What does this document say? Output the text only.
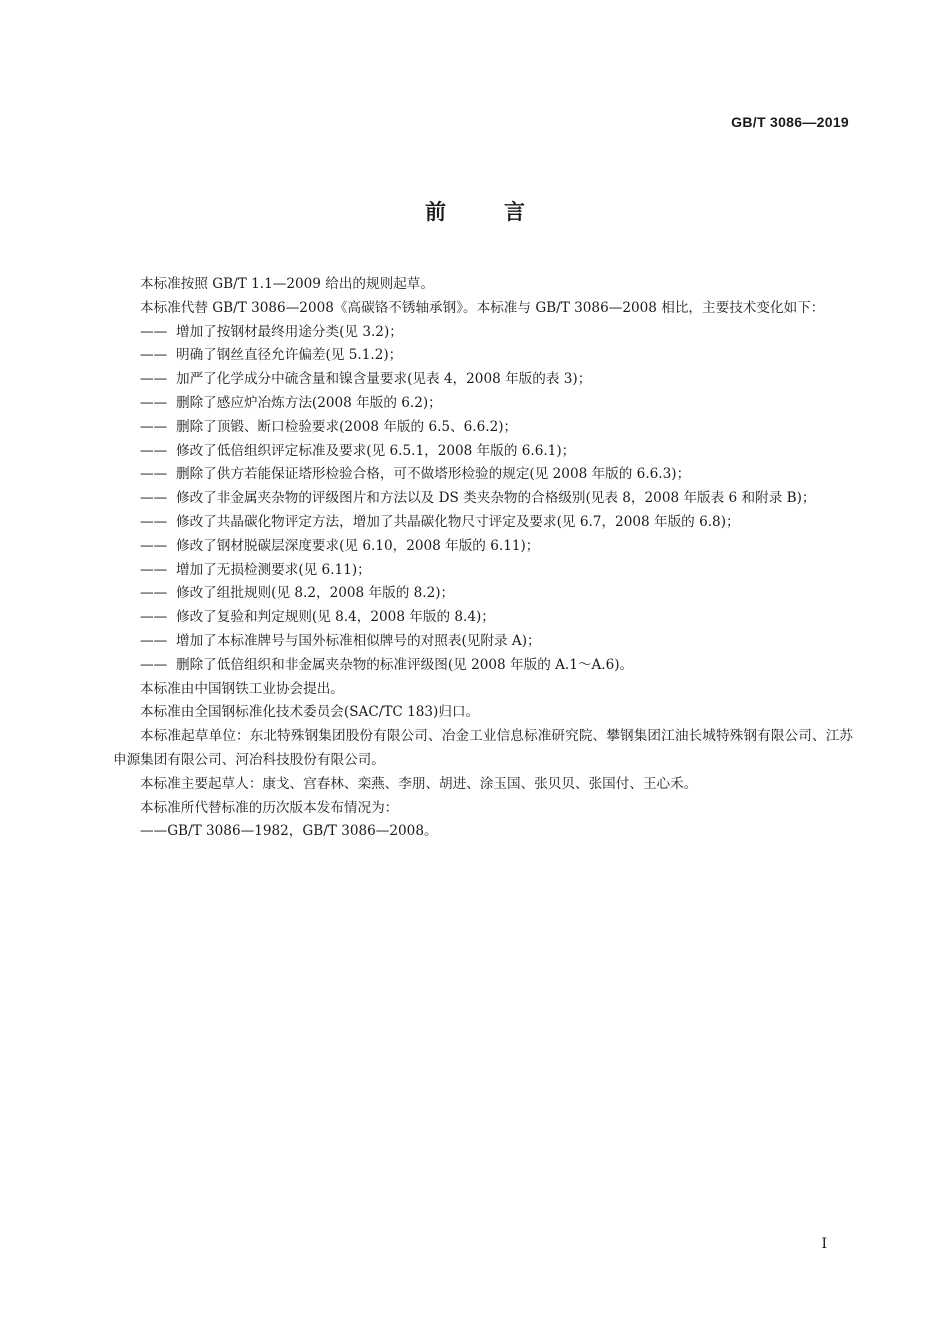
GB/T 3086—2019
前言

本标准按照 GB/T 1.1—2009 给出的规则起草。

本标准代替 GB/T 3086—2008《高碳铬不锈轴承钢》。本标准与 GB/T 3086—2008 相比，主要技术变化如下：

—— 增加了按钢材最终用途分类(见 3.2)；
—— 明确了钢丝直径允许偏差(见 5.1.2)；
—— 加严了化学成分中硫含量和镍含量要求(见表 4，2008 年版的表 3)；
—— 删除了感应炉冶炼方法(2008 年版的 6.2)；
—— 删除了顶锻、断口检验要求(2008 年版的 6.5、6.6.2)；
—— 修改了低倍组织评定标准及要求(见 6.5.1，2008 年版的 6.6.1)；
—— 删除了供方若能保证塔形检验合格，可不做塔形检验的规定(见 2008 年版的 6.6.3)；
—— 修改了非金属夹杂物的评级图片和方法以及 DS 类夹杂物的合格级别(见表 8，2008 年版表 6 和附录 B)；
—— 修改了共晶碳化物评定方法，增加了共晶碳化物尺寸评定及要求(见 6.7，2008 年版的 6.8)；
—— 修改了钢材脱碳层深度要求(见 6.10，2008 年版的 6.11)；
—— 增加了无损检测要求(见 6.11)；
—— 修改了组批规则(见 8.2，2008 年版的 8.2)；
—— 修改了复验和判定规则(见 8.4，2008 年版的 8.4)；
—— 增加了本标准牌号与国外标准相似牌号的对照表(见附录 A)；
—— 删除了低倍组织和非金属夹杂物的标准评级图(见 2008 年版的 A.1～A.6)。

本标准由中国钢铁工业协会提出。

本标准由全国钢标准化技术委员会(SAC/TC 183)归口。

本标准起草单位：东北特殊钢集团股份有限公司、冶金工业信息标准研究院、攀钢集团江油长城特殊钢有限公司、江苏申源集团有限公司、河冶科技股份有限公司。

本标准主要起草人：康戈、宫春林、栾燕、李朋、胡进、涂玉国、张贝贝、张国付、王心禾。

本标准所代替标准的历次版本发布情况为：

——GB/T 3086—1982，GB/T 3086—2008。

I
